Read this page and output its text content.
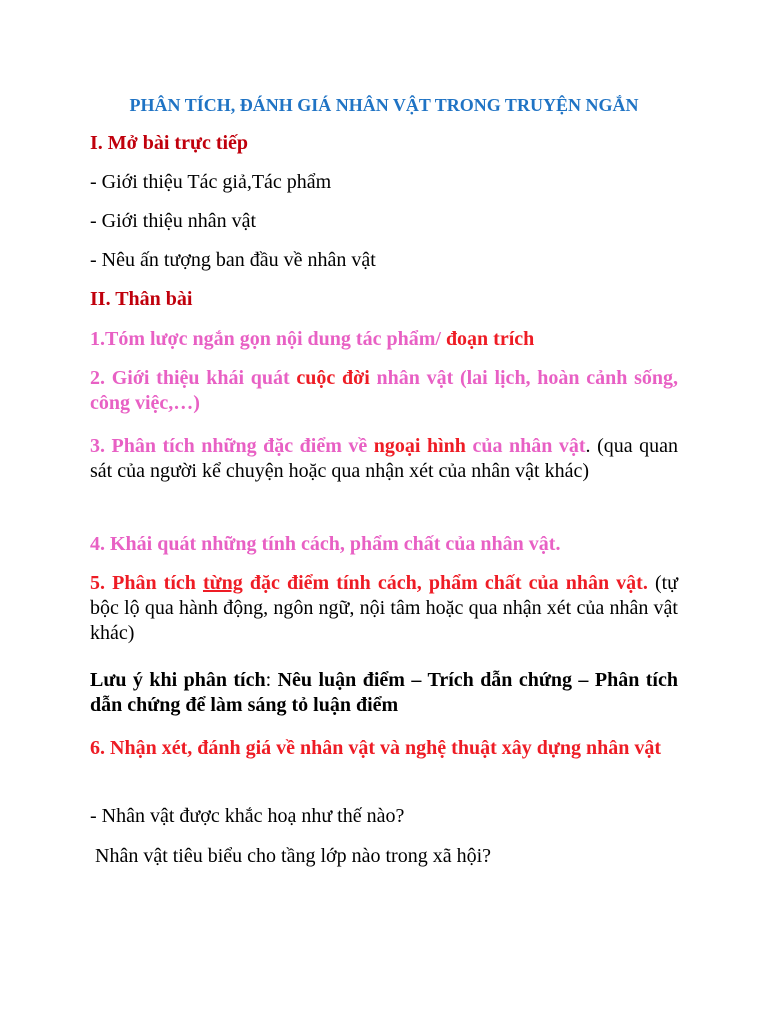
PHÂN TÍCH, ĐÁNH GIÁ NHÂN VẬT TRONG TRUYỆN NGẮN
I. Mở bài trực tiếp
- Giới thiệu Tác giả,Tác phẩm
- Giới thiệu nhân vật
- Nêu ấn tượng ban đầu về nhân vật
II. Thân bài
1.Tóm lược ngắn gọn nội dung tác phẩm/ đoạn trích
2. Giới thiệu khái quát cuộc đời nhân vật (lai lịch, hoàn cảnh sống, công việc,…)
3. Phân tích những đặc điểm về ngoại hình của nhân vật. (qua quan sát của người kể chuyện hoặc qua nhận xét của nhân vật khác)
4. Khái quát những tính cách, phẩm chất của nhân vật.
5. Phân tích từng đặc điểm tính cách, phẩm chất của nhân vật. (tự bộc lộ qua hành động, ngôn ngữ, nội tâm hoặc qua nhận xét của nhân vật khác)
Lưu ý khi phân tích: Nêu luận điểm – Trích dẫn chứng – Phân tích dẫn chứng để làm sáng tỏ luận điểm
6. Nhận xét, đánh giá về nhân vật và nghệ thuật xây dựng nhân vật
- Nhân vật được khắc hoạ như thế nào?
Nhân vật tiêu biểu cho tầng lớp nào trong xã hội?
